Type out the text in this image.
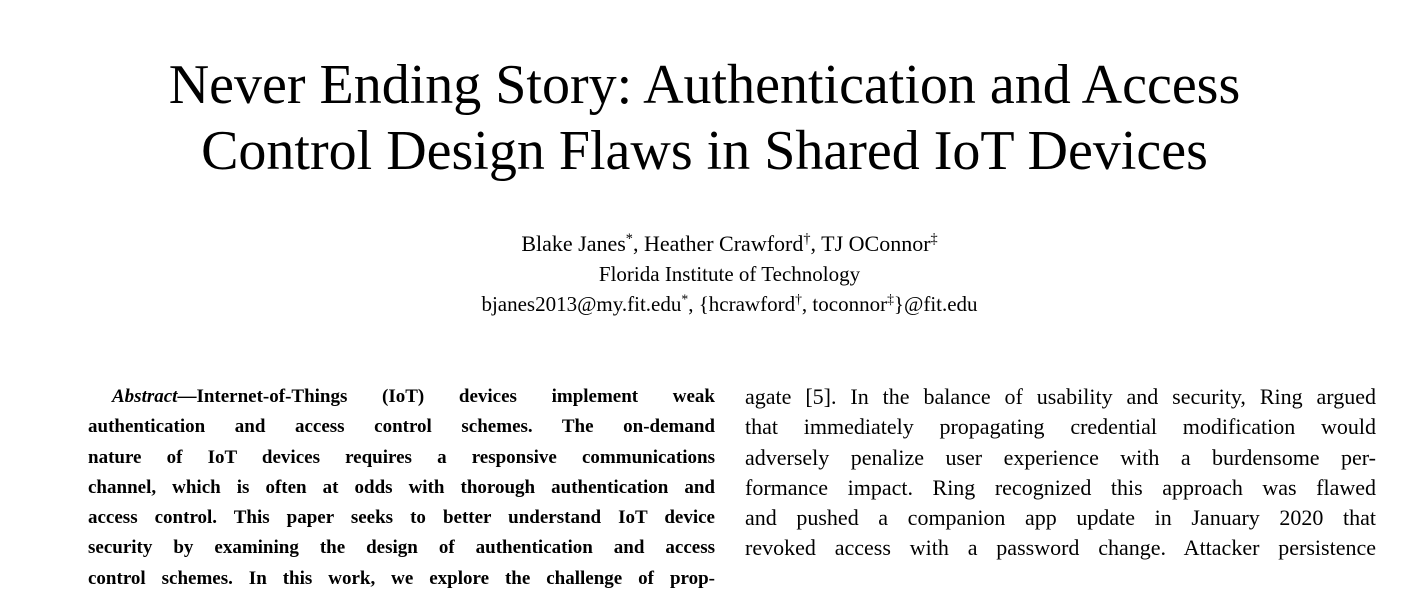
Never Ending Story: Authentication and Access
Control Design Flaws in Shared IoT Devices
Blake Janes*, Heather Crawford†, TJ OConnor‡
Florida Institute of Technology
bjanes2013@my.fit.edu*, {hcrawford†, toconnor‡}@fit.edu
Abstract—Internet-of-Things (IoT) devices implement weak
authentication and access control schemes. The on-demand
nature of IoT devices requires a responsive communications
channel, which is often at odds with thorough authentication and
access control. This paper seeks to better understand IoT device
security by examining the design of authentication and access
control schemes. In this work, we explore the challenge of prop-
agate [5]. In the balance of usability and security, Ring argued
that immediately propagating credential modification would
adversely penalize user experience with a burdensome per-
formance impact. Ring recognized this approach was flawed
and pushed a companion app update in January 2020 that
revoked access with a password change. Attacker persistence
